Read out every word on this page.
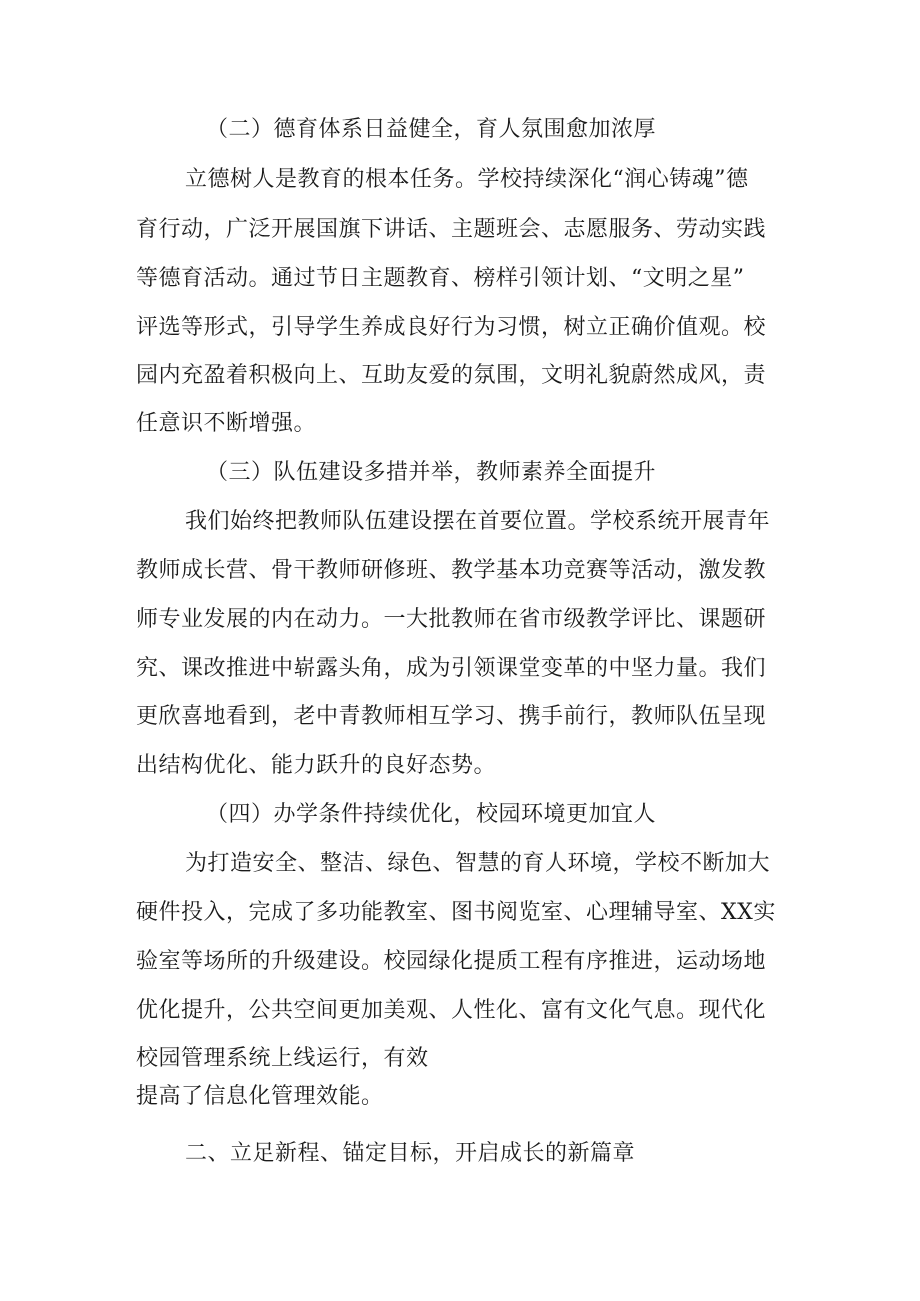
（二）德育体系日益健全，育人氛围愈加浓厚
立德树人是教育的根本任务。学校持续深化“润心铸魂”德
育行动，广泛开展国旗下讲话、主题班会、志愿服务、劳动实践
等德育活动。通过节日主题教育、榜样引领计划、“文明之星”
评选等形式，引导学生养成良好行为习惯，树立正确价值观。校
园内充盈着积极向上、互助友爱的氛围，文明礼貌蔚然成风，责
任意识不断增强。
（三）队伍建设多措并举，教师素养全面提升
我们始终把教师队伍建设摆在首要位置。学校系统开展青年
教师成长营、骨干教师研修班、教学基本功竞赛等活动，激发教
师专业发展的内在动力。一大批教师在省市级教学评比、课题研
究、课改推进中崭露头角，成为引领课堂变革的中坚力量。我们
更欣喜地看到，老中青教师相互学习、携手前行，教师队伍呈现
出结构优化、能力跃升的良好态势。
（四）办学条件持续优化，校园环境更加宜人
为打造安全、整洁、绿色、智慧的育人环境，学校不断加大
硬件投入，完成了多功能教室、图书阅览室、心理辅导室、XX实
验室等场所的升级建设。校园绿化提质工程有序推进，运动场地
优化提升，公共空间更加美观、人性化、富有文化气息。现代化
校园管理系统上线运行，有效
提高了信息化管理效能。
二、立足新程、锚定目标，开启成长的新篇章
